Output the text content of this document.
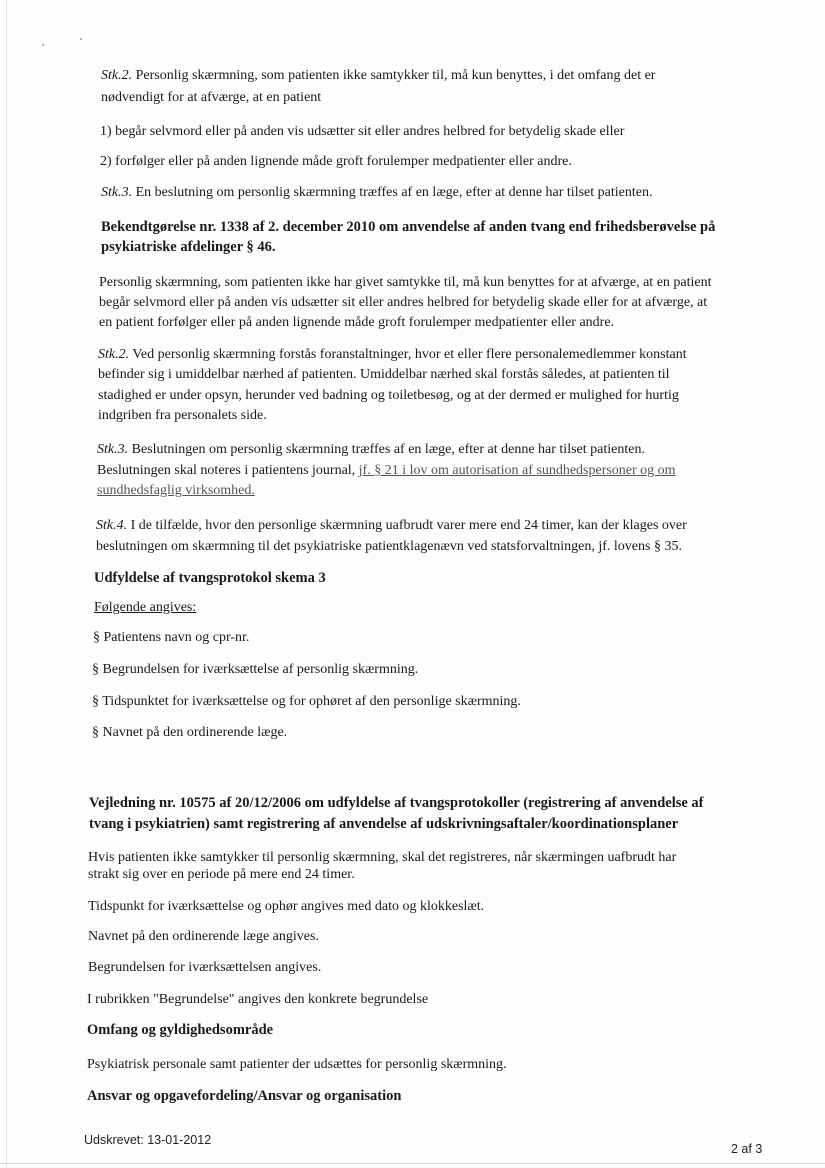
Stk.2. Personlig skærmning, som patienten ikke samtykker til, må kun benyttes, i det omfang det er
nødvendigt for at afværge, at en patient
1) begår selvmord eller på anden vis udsætter sit eller andres helbred for betydelig skade eller
2) forfølger eller på anden lignende måde groft forulemper medpatienter eller andre.
Stk.3. En beslutning om personlig skærmning træffes af en læge, efter at denne har tilset patienten.
Bekendtgørelse nr. 1338 af 2. december 2010 om anvendelse af anden tvang end frihedsberøvelse på
psykiatriske afdelinger § 46.
Personlig skærmning, som patienten ikke har givet samtykke til, må kun benyttes for at afværge, at en patient
begår selvmord eller på anden vis udsætter sit eller andres helbred for betydelig skade eller for at afværge, at
en patient forfølger eller på anden lignende måde groft forulemper medpatienter eller andre.
Stk.2. Ved personlig skærmning forstås foranstaltninger, hvor et eller flere personalemedlemmer konstant
befinder sig i umiddelbar nærhed af patienten. Umiddelbar nærhed skal forstås således, at patienten til
stadighed er under opsyn, herunder ved badning og toiletbesøg, og at der dermed er mulighed for hurtig
indgriben fra personalets side.
Stk.3. Beslutningen om personlig skærmning træffes af en læge, efter at denne har tilset patienten.
Beslutningen skal noteres i patientens journal, jf. § 21 i lov om autorisation af sundhedspersoner og om
sundhedsfaglig virksomhed.
Stk.4. I de tilfælde, hvor den personlige skærmning uafbrudt varer mere end 24 timer, kan der klages over
beslutningen om skærmning til det psykiatriske patientklagenævn ved statsforvaltningen, jf. lovens § 35.
Udfyldelse af tvangsprotokol skema 3
Følgende angives:
§ Patientens navn og cpr-nr.
§ Begrundelsen for iværksættelse af personlig skærmning.
§ Tidspunktet for iværksættelse og for ophøret af den personlige skærmning.
§ Navnet på den ordinerende læge.
Vejledning nr. 10575 af 20/12/2006 om udfyldelse af tvangsprotokoller (registrering af anvendelse af
tvang i psykiatrien) samt registrering af anvendelse af udskrivningsaftaler/koordinationsplaner
Hvis patienten ikke samtykker til personlig skærmning, skal det registreres, når skærmingen uafbrudt har
strakt sig over en periode på mere end 24 timer.
Tidspunkt for iværksættelse og ophør angives med dato og klokkeslæt.
Navnet på den ordinerende læge angives.
Begrundelsen for iværksættelsen angives.
I rubrikken "Begrundelse" angives den konkrete begrundelse
Omfang og gyldighedsområde
Psykiatrisk personale samt patienter der udsættes for personlig skærmning.
Ansvar og opgavefordeling/Ansvar og organisation
Udskrevet: 13-01-2012
2 af 3
